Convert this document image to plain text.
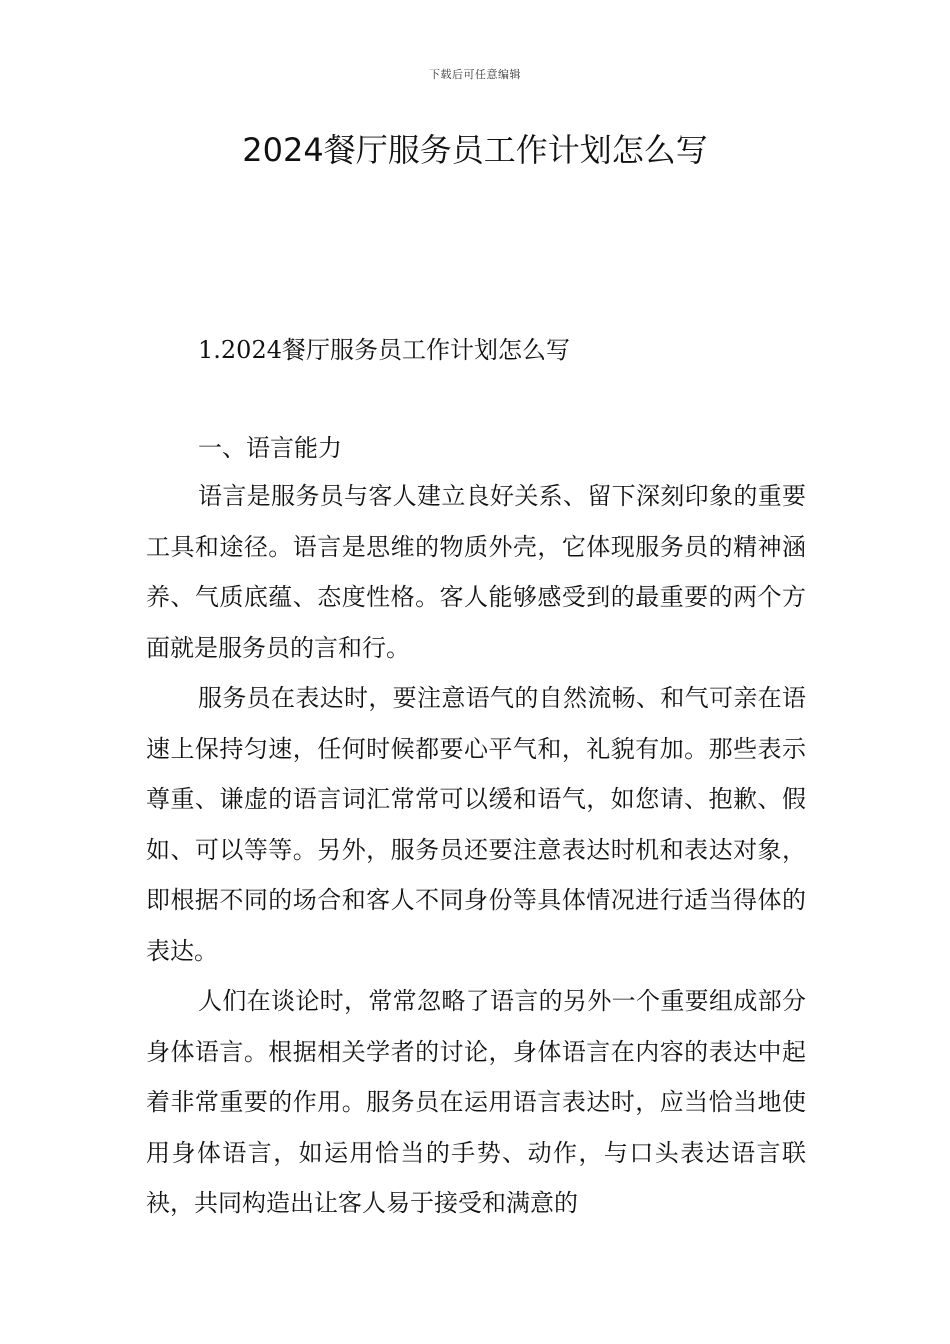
下载后可任意编辑
2024餐厅服务员工作计划怎么写
1.2024餐厅服务员工作计划怎么写
一、语言能力

语言是服务员与客人建立良好关系、留下深刻印象的重要工具和途径。语言是思维的物质外壳，它体现服务员的精神涵养、气质底蕴、态度性格。客人能够感受到的最重要的两个方面就是服务员的言和行。

服务员在表达时，要注意语气的自然流畅、和气可亲在语速上保持匀速，任何时候都要心平气和，礼貌有加。那些表示尊重、谦虚的语言词汇常常可以缓和语气，如您请、抱歉、假如、可以等等。另外，服务员还要注意表达时机和表达对象，即根据不同的场合和客人不同身份等具体情况进行适当得体的表达。

人们在谈论时，常常忽略了语言的另外一个重要组成部分身体语言。根据相关学者的讨论，身体语言在内容的表达中起着非常重要的作用。服务员在运用语言表达时，应当恰当地使用身体语言，如运用恰当的手势、动作，与口头表达语言联袂，共同构造出让客人易于接受和满意的
